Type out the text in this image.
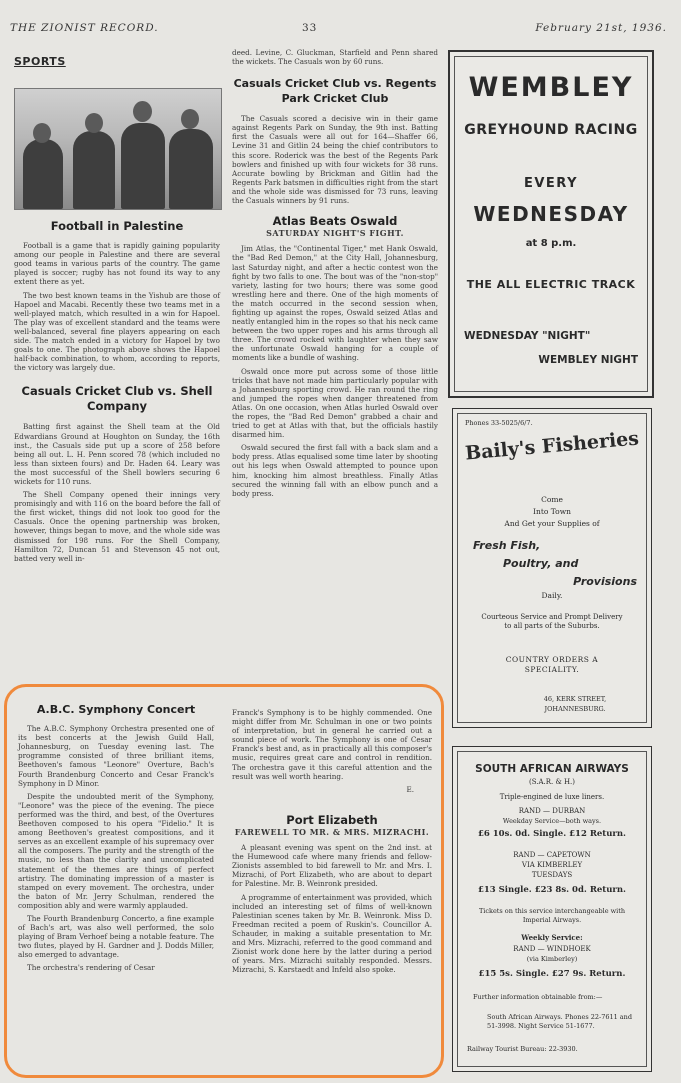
THE ZIONIST RECORD.	33	February 21st, 1936.
SPORTS
Football in Palestine

Football is a game that is rapidly gaining popularity among our people in Palestine and there are several good teams in various parts of the country. The game played is soccer; rugby has not found its way to any extent there as yet.

The two best known teams in the Yishub are those of Hapoel and Macabi. Recently these two teams met in a well-played match, which resulted in a win for Hapoel. The play was of excellent standard and the teams were well-balanced, several fine players appearing on each side. The match ended in a victory for Hapoel by two goals to one. The photograph above shows the Hapoel half-back combination, to whom, according to reports, the victory was largely due.

Casuals Cricket Club vs. Shell Company

Batting first against the Shell team at the Old Edwardians Ground at Houghton on Sunday, the 16th inst., the Casuals side put up a score of 258 before being all out. L. H. Penn scored 78 (which included no less than sixteen fours) and Dr. Haden 64. Leary was the most successful of the Shell bowlers securing 6 wickets for 110 runs.

The Shell Company opened their innings very promisingly and with 116 on the board before the fall of the first wicket, things did not look too good for the Casuals. Once the opening partnership was broken, however, things began to move, and the whole side was dismissed for 198 runs. For the Shell Company, Hamilton 72, Duncan 51 and Stevenson 45 not out, batted very well in-

deed. Levine, C. Gluckman, Starfield and Penn shared the wickets. The Casuals won by 60 runs.

Casuals Cricket Club vs. Regents Park Cricket Club

The Casuals scored a decisive win in their game against Regents Park on Sunday, the 9th inst. Batting first the Casuals were all out for 164—Shaffer 66, Levine 31 and Gitlin 24 being the chief contributors to this score. Roderick was the best of the Regents Park bowlers and finished up with four wickets for 38 runs. Accurate bowling by Brickman and Gitlin had the Regents Park batsmen in difficulties right from the start and the whole side was dismissed for 73 runs, leaving the Casuals winners by 91 runs.

Atlas Beats Oswald
SATURDAY NIGHT'S FIGHT.

Jim Atlas, the "Continental Tiger," met Hank Oswald, the "Bad Red Demon," at the City Hall, Johannesburg, last Saturday night, and after a hectic contest won the fight by two falls to one. The bout was of the "non-stop" variety, lasting for two hours; there was some good wrestling here and there. One of the high moments of the match occurred in the second session when, fighting up against the ropes, Oswald seized Atlas and neatly entangled him in the ropes so that his neck came between the two upper ropes and his arms through all three. The crowd rocked with laughter when they saw the unfortunate Oswald hanging for a couple of moments like a bundle of washing.

Oswald once more put across some of those little tricks that have not made him particularly popular with a Johannesburg sporting crowd. He ran round the ring and jumped the ropes when danger threatened from Atlas. On one occasion, when Atlas hurled Oswald over the ropes, the "Bad Red Demon" grabbed a chair and tried to get at Atlas with that, but the officials hastily disarmed him.

Oswald secured the first fall with a back slam and a body press. Atlas equalised some time later by shooting out his legs when Oswald attempted to pounce upon him, knocking him almost breathless. Finally Atlas secured the winning fall with an elbow punch and a body press.

A.B.C. Symphony Concert

The A.B.C. Symphony Orchestra presented one of its best concerts at the Jewish Guild Hall, Johannesburg, on Tuesday evening last. The programme consisted of three brilliant items, Beethoven's famous "Leonore" Overture, Bach's Fourth Brandenburg Concerto and Cesar Franck's Symphony in D Minor.

Despite the undoubted merit of the Symphony, "Leonore" was the piece of the evening. The piece performed was the third, and best, of the Overtures Beethoven composed to his opera "Fidelio." It is among Beethoven's greatest compositions, and it serves as an excellent example of his supremacy over all the composers. The purity and the strength of the music, no less than the clarity and uncomplicated statement of the themes are things of perfect artistry. The dominating impression of a master is stamped on every movement. The orchestra, under the baton of Mr. Jerry Schulman, rendered the composition ably and were warmly applauded.

The Fourth Brandenburg Concerto, a fine example of Bach's art, was also well performed, the solo playing of Bram Verhoef being a notable feature. The two flutes, played by H. Gardner and J. Dodds Miller, also emerged to advantage.

The orchestra's rendering of Cesar

Franck's Symphony is to be highly commended. One might differ from Mr. Schulman in one or two points of interpretation, but in general he carried out a sound piece of work. The Symphony is one of Cesar Franck's best and, as in practically all this composer's music, requires great care and control in rendition. The orchestra gave it this careful attention and the result was well worth hearing.

E.
Port Elizabeth
FAREWELL TO MR. & MRS. MIZRACHI.

A pleasant evening was spent on the 2nd inst. at the Humewood cafe where many friends and fellow-Zionists assembled to bid farewell to Mr. and Mrs. I. Mizrachi, of Port Elizabeth, who are about to depart for Palestine. Mr. B. Weinronk presided.

A programme of entertainment was provided, which included an interesting set of films of well-known Palestinian scenes taken by Mr. B. Weinronk. Miss D. Freedman recited a poem of Ruskin's. Councillor A. Schauder, in making a suitable presentation to Mr. and Mrs. Mizrachi, referred to the good command and Zionist work done here by the latter during a period of years. Mrs. Mizrachi suitably responded. Messrs. Mizrachi, S. Karstaedt and Infeld also spoke.

WEMBLEY
GREYHOUND RACING
EVERY
WEDNESDAY
at 8 p.m.
THE ALL ELECTRIC TRACK
WEDNESDAY "NIGHT"
WEMBLEY NIGHT
Phones 33-5025/6/7.
Baily's Fisheries
Come
Into Town
And Get your Supplies of
Fresh Fish,
Poultry, and
Provisions
Daily.
Courteous Service and Prompt Delivery to all parts of the Suburbs.
COUNTRY ORDERS A SPECIALITY.
46, KERK STREET,
JOHANNESBURG.
SOUTH AFRICAN AIRWAYS
(S.A.R. & H.)
Triple-engined de luxe liners.
RAND — DURBAN
Weekday Service—both ways.
£6 10s. 0d. Single. £12 Return.
RAND — CAPETOWN
VIA KIMBERLEY
TUESDAYS
£13 Single. £23 8s. 0d. Return.
Tickets on this service interchangeable with Imperial Airways.
Weekly Service:
RAND — WINDHOEK
(via Kimberley)
£15 5s. Single. £27 9s. Return.
Further information obtainable from:—
South African Airways. Phones 22-7611 and 51-3998. Night Service 51-1677.
Railway Tourist Bureau: 22-3930.
